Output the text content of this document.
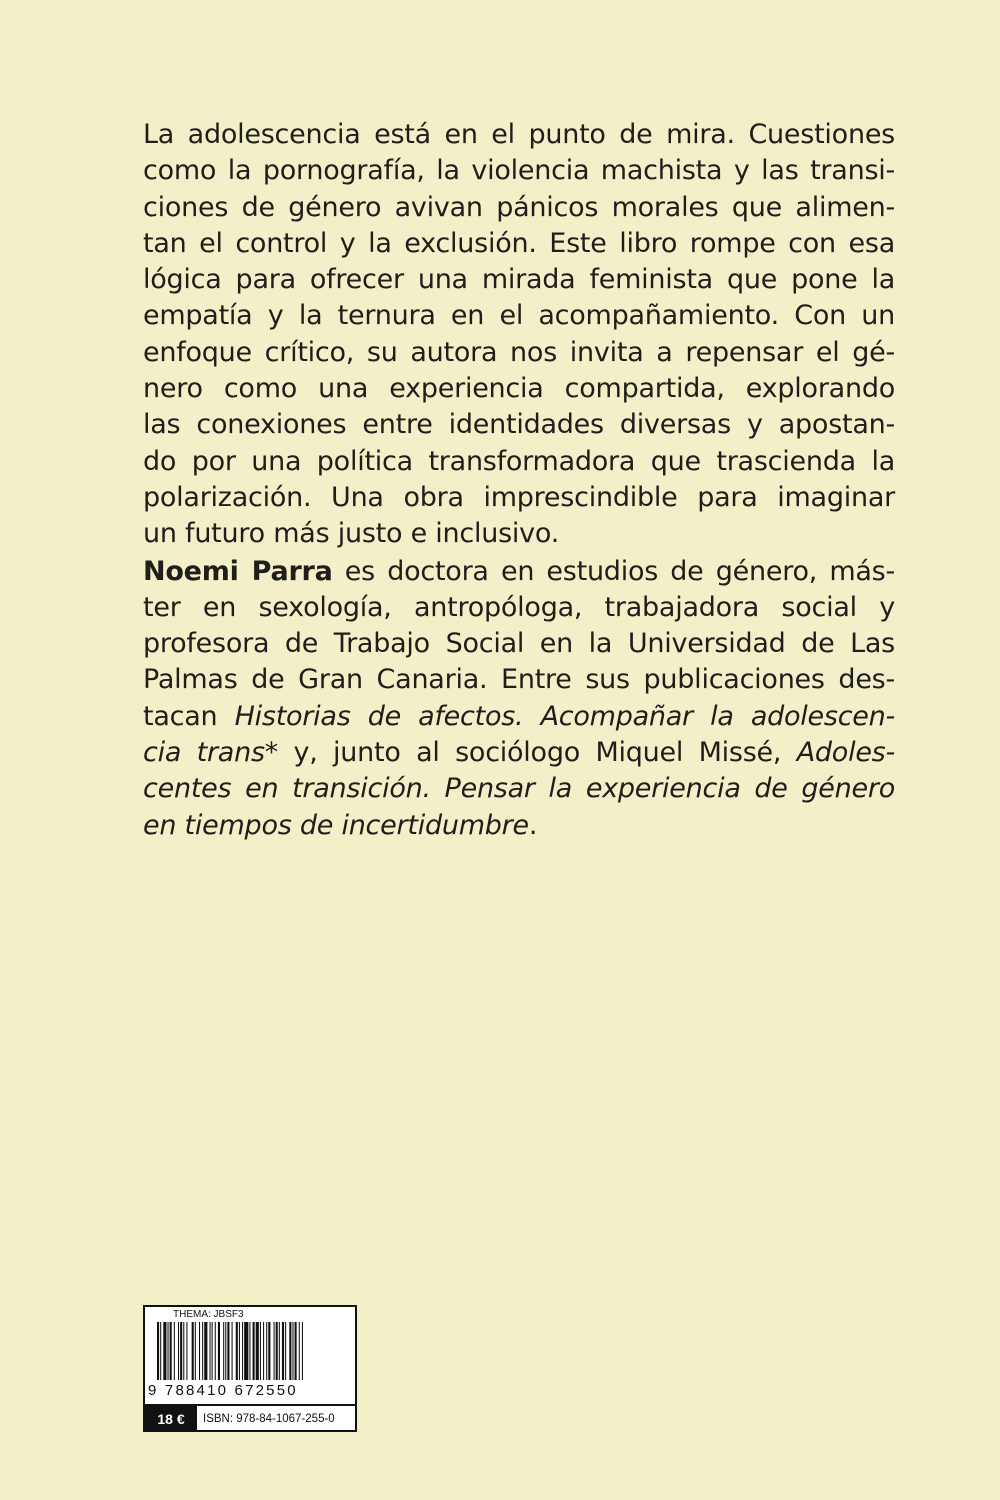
La adolescencia está en el punto de mira. Cuestiones
como la pornografía, la violencia machista y las transi-
ciones de género avivan pánicos morales que alimen-
tan el control y la exclusión. Este libro rompe con esa
lógica para ofrecer una mirada feminista que pone la
empatía y la ternura en el acompañamiento. Con un
enfoque crítico, su autora nos invita a repensar el gé-
nero como una experiencia compartida, explorando
las conexiones entre identidades diversas y apostan-
do por una política transformadora que trascienda la
polarización. Una obra imprescindible para imaginar
un futuro más justo e inclusivo.
Noemi Parra es doctora en estudios de género, más-
ter en sexología, antropóloga, trabajadora social y
profesora de Trabajo Social en la Universidad de Las
Palmas de Gran Canaria. Entre sus publicaciones des-
tacan Historias de afectos. Acompañar la adolescen-
cia trans* y, junto al sociólogo Miquel Missé, Adoles-
centes en transición. Pensar la experiencia de género
en tiempos de incertidumbre.
THEMA: JBSF3
9 788410 672550
18 €	ISBN: 978-84-1067-255-0
